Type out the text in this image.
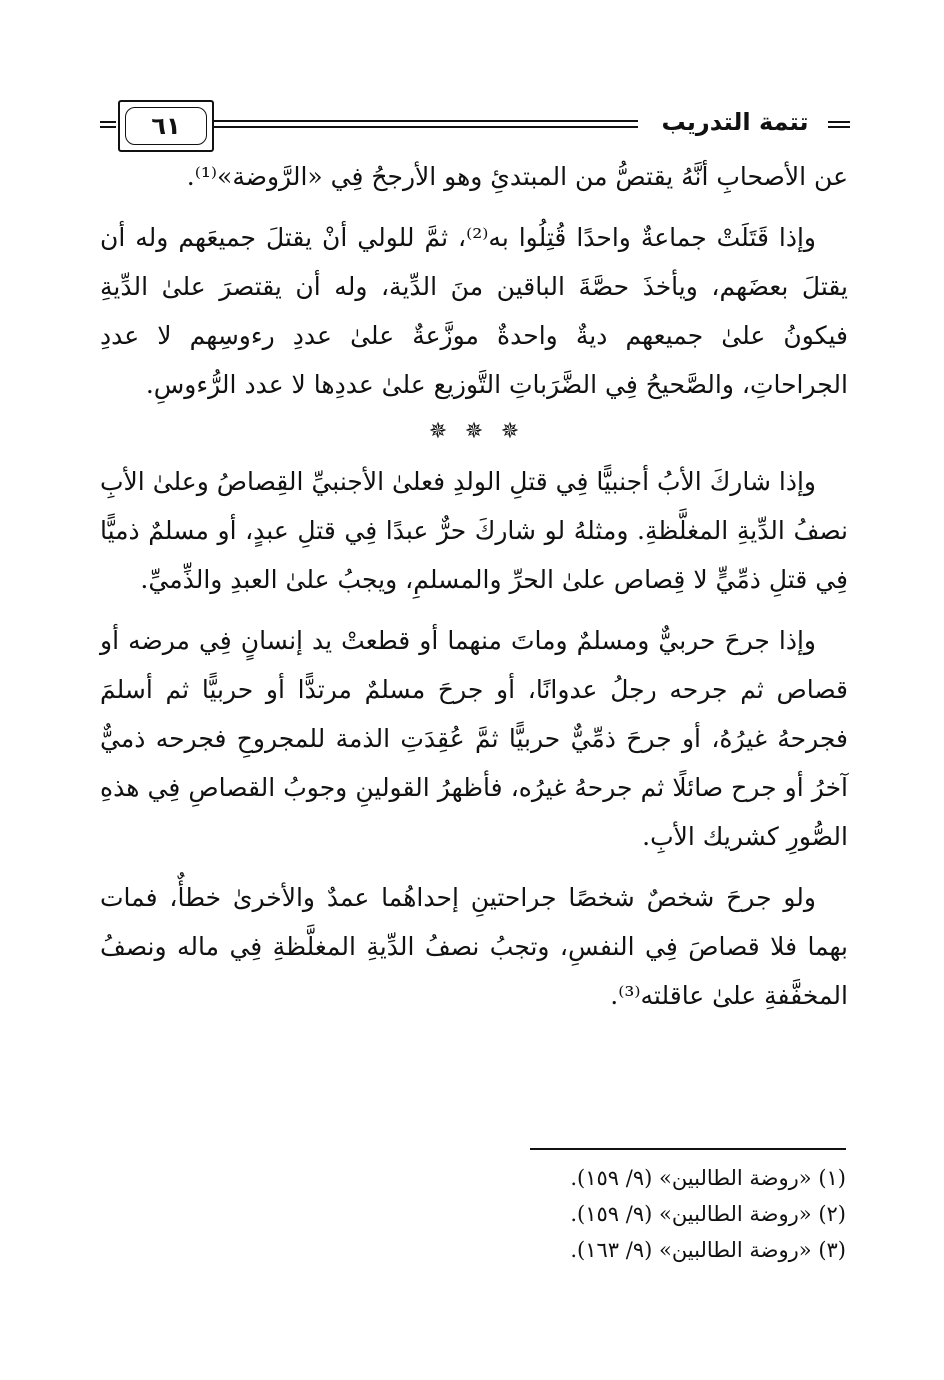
٦١	تتمة التدريب

عن الأصحابِ أنَّهُ يقتصُّ من المبتدئِ وهو الأرجحُ فِي «الرَّوضة»⁽¹⁾.

وإذا قَتَلَتْ جماعةٌ واحدًا قُتِلُوا به⁽²⁾، ثمَّ للولي أنْ يقتلَ جميعَهم وله أن يقتلَ بعضَهم، ويأخذَ حصَّةَ الباقين منَ الدِّية، وله أن يقتصرَ علىٰ الدِّيةِ فيكونُ علىٰ جميعهم ديةٌ واحدةٌ موزَّعةٌ علىٰ عددِ رءوسِهم لا عددِ الجراحاتِ، والصَّحيحُ فِي الضَّرَباتِ التَّوزيع علىٰ عددِها لا عدد الرُّءوسِ.

✵ ✵ ✵

وإذا شاركَ الأبُ أجنبيًّا فِي قتلِ الولدِ فعلىٰ الأجنبيِّ القِصاصُ وعلىٰ الأبِ نصفُ الدِّيةِ المغلَّظةِ. ومثلهُ لو شاركَ حرٌّ عبدًا فِي قتلِ عبدٍ، أو مسلمٌ ذميًّا فِي قتلِ ذمِّيٍّ لا قِصاص علىٰ الحرِّ والمسلمِ، ويجبُ علىٰ العبدِ والذِّميِّ.

وإذا جرحَ حربيٌّ ومسلمٌ وماتَ منهما أو قطعتْ يد إنسانٍ فِي مرضه أو قصاص ثم جرحه رجلُ عدوانًا، أو جرحَ مسلمٌ مرتدًّا أو حربيًّا ثم أسلمَ فجرحهُ غيرُهُ، أو جرحَ ذمِّيٌّ حربيًّا ثمَّ عُقِدَتِ الذمة للمجروحِ فجرحه ذميٌّ آخرُ أو جرح صائلًا ثم جرحهُ غيرُه، فأظهرُ القولينِ وجوبُ القصاصِ فِي هذهِ الصُّورِ كشريك الأبِ.

ولو جرحَ شخصٌ شخصًا جراحتينِ إحداهُما عمدٌ والأخرىٰ خطأٌ، فمات بهما فلا قصاصَ فِي النفسِ، وتجبُ نصفُ الدِّيةِ المغلَّظةِ فِي ماله ونصفُ المخفَّفةِ علىٰ عاقلته⁽³⁾.

(١) «روضة الطالبين» (٩/ ١٥٩).
(٢) «روضة الطالبين» (٩/ ١٥٩).
(٣) «روضة الطالبين» (٩/ ١٦٣).
